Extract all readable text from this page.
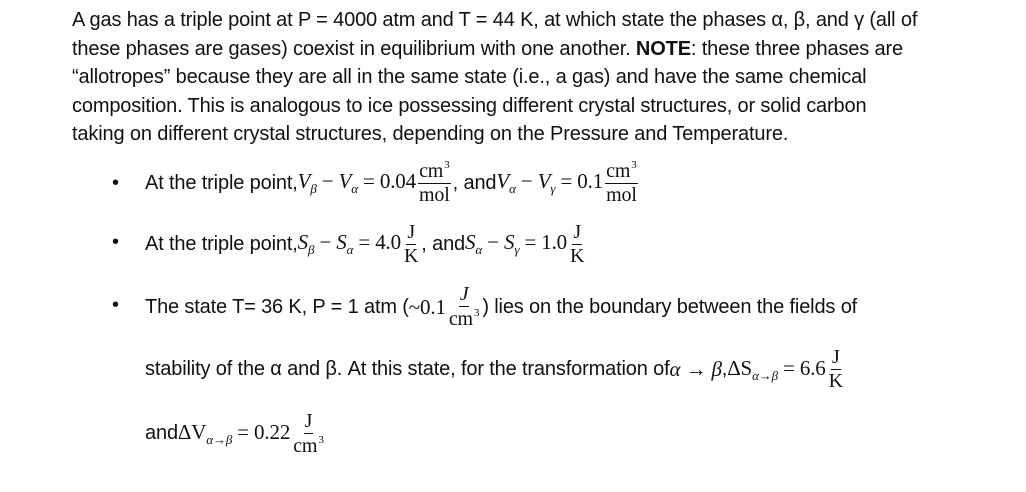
A gas has a triple point at P = 4000 atm and T = 44 K, at which state the phases α, β, and γ (all of
these phases are gases) coexist in equilibrium with one another. NOTE: these three phases are
“allotropes” because they are all in the same state (i.e., a gas) and have the same chemical
composition. This is analogous to ice possessing different crystal structures, or solid carbon
taking on different crystal structures, depending on the Pressure and Temperature.

• At the triple point, $V_\beta - V_\alpha = 0.04 \frac{cm^3}{\text{mol}}$ , and $V_\alpha - V_\gamma = 0.1 \frac{cm^3}{\text{mol}}$
• At the triple point, $S_\beta - S_\alpha = 4.0 \frac{J}{K}$ , and $S_\alpha - S_\gamma = 1.0 \frac{J}{K}$
• The state T= 36 K, P = 1 atm ( ~0.1 $\frac{J}{cm^3}$ ) lies on the boundary between the fields of
stability of the α and β. At this state, for the transformation of α → β , $\Delta S_{\alpha\to\beta} = 6.6 \frac{J}{K}$
and $\Delta V_{\alpha\to\beta} = 0.22 \frac{J}{cm^3}$
